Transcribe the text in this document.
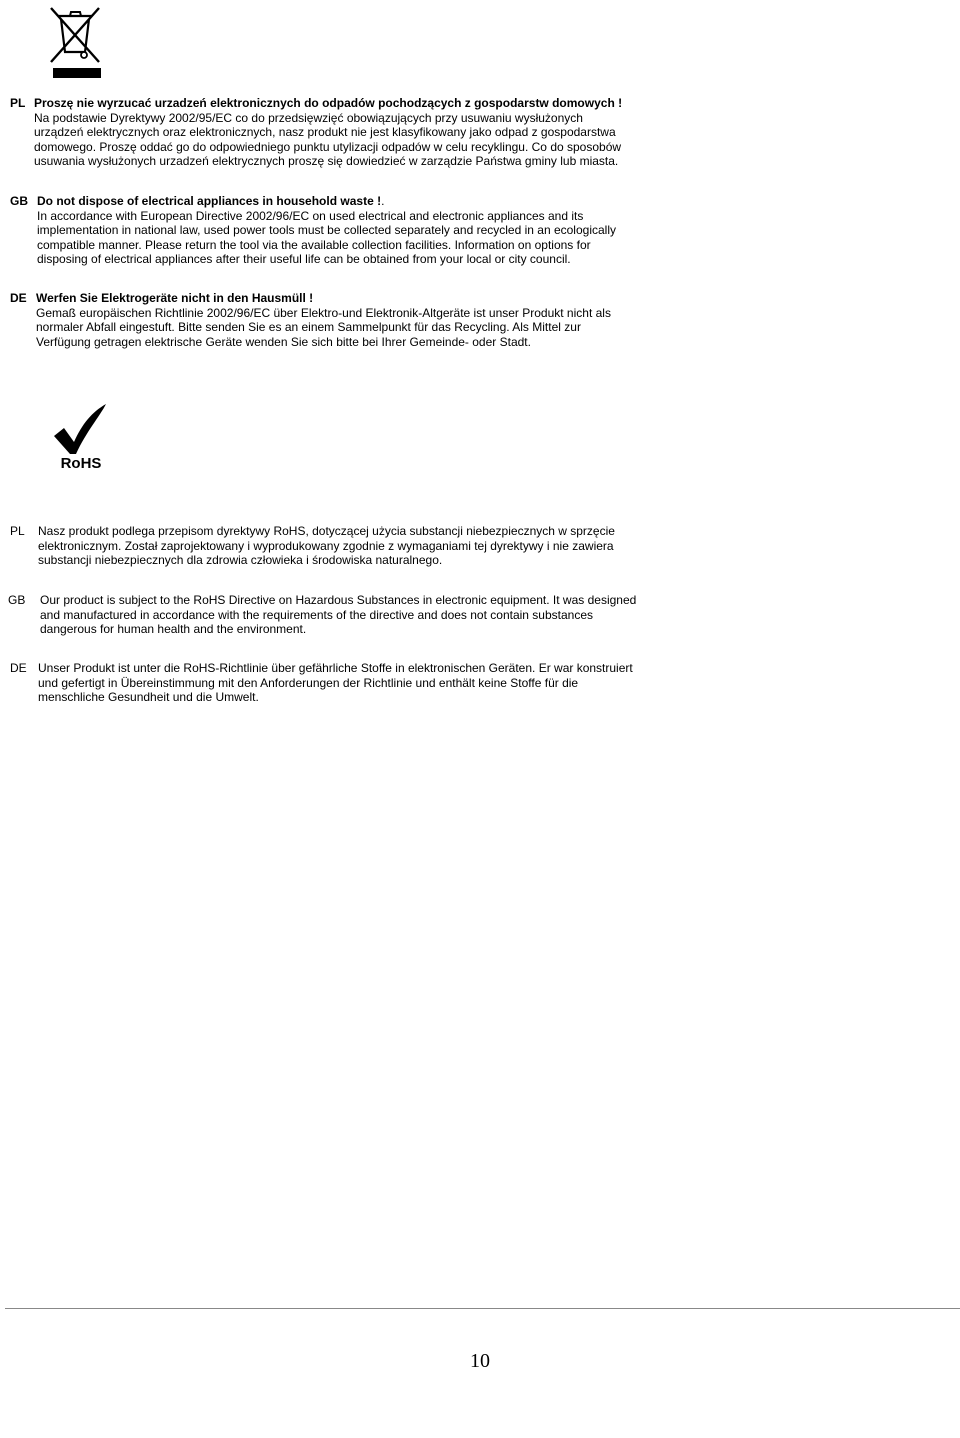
PL Proszę nie wyrzucać urzadzeń elektronicznych do odpadów pochodzących z gospodarstw domowych !
Na podstawie Dyrektywy 2002/95/EC co do przedsięwzięć obowiązujących przy usuwaniu wysłużonych
urządzeń elektrycznych oraz elektronicznych, nasz produkt nie jest klasyfikowany jako odpad z gospodarstwa
domowego. Proszę oddać go do odpowiedniego punktu utylizacji odpadów w celu recyklingu. Co do sposobów
usuwania wysłużonych urzadzeń elektrycznych proszę się dowiedzieć w zarządzie Państwa gminy lub miasta.
GB Do not dispose of electrical appliances in household waste !.
In accordance with European Directive 2002/96/EC on used electrical and electronic appliances and its
implementation in national law, used power tools must be collected separately and recycled in an ecologically
compatible manner. Please return the tool via the available collection facilities. Information on options for
disposing of electrical appliances after their useful life can be obtained from your local or city council.
DE Werfen Sie Elektrogeräte nicht in den Hausmüll !
Gemaß europäischen Richtlinie 2002/96/EC über Elektro-und Elektronik-Altgeräte ist unser Produkt nicht als
normaler Abfall eingestuft. Bitte senden Sie es an einem Sammelpunkt für das Recycling. Als Mittel zur
Verfügung getragen elektrische Geräte wenden Sie sich bitte bei Ihrer Gemeinde- oder Stadt.
RoHS
PL Nasz produkt podlega przepisom dyrektywy RoHS, dotyczącej użycia substancji niebezpiecznych w sprzęcie
elektronicznym. Został zaprojektowany i wyprodukowany zgodnie z wymaganiami tej dyrektywy i nie zawiera
substancji niebezpiecznych dla zdrowia człowieka i środowiska naturalnego.
GB Our product is subject to the RoHS Directive on Hazardous Substances in electronic equipment. It was designed
and manufactured in accordance with the requirements of the directive and does not contain substances
dangerous for human health and the environment.
DE Unser Produkt ist unter die RoHS-Richtlinie über gefährliche Stoffe in elektronischen Geräten. Er war konstruiert
und gefertigt in Übereinstimmung mit den Anforderungen der Richtlinie und enthält keine Stoffe für die
menschliche Gesundheit und die Umwelt.
10
